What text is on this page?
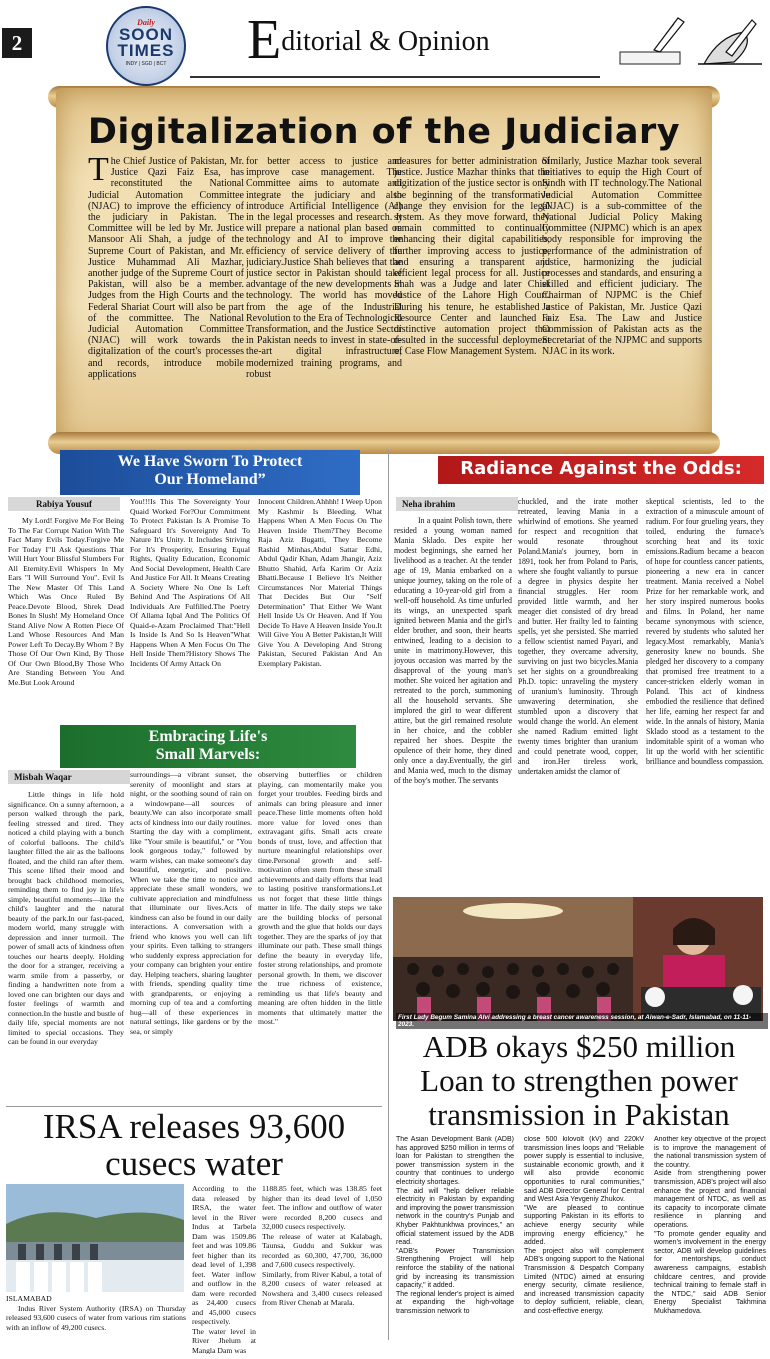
2
Daily
SOON
TIMES
INDY | SGD | BCT	Editorial & Opinion
Digitalization of the Judiciary
The Chief Justice of Pakistan, Mr. Justice Qazi Faiz Esa, has reconstituted the National Judicial Automation Committee (NJAC) to improve the efficiency of the judiciary in Pakistan. The Committee will be led by Mr. Justice Mansoor Ali Shah, a judge of the Supreme Court of Pakistan, and Mr. Justice Muhammad Ali Mazhar, another judge of the Supreme Court of Pakistan, will also be a member. Judges from the High Courts and the Federal Shariat Court will also be part of the committee. The National Judicial Automation Committee (NJAC) will work towards the digitalization of the court's processes and records, introduce mobile applications
for better access to justice and improve case management. The Committee aims to automate and integrate the judiciary and also introduce Artificial Intelligence (AI) in the legal processes and research. It will prepare a national plan based on technology and AI to improve the efficiency of service delivery of the judiciary.Justice Shah believes that the justice sector in Pakistan should take advantage of the new developments in technology. The world has moved from the age of the Industrial Revolution to the Era of Technological Transformation, and the Justice Sector in Pakistan needs to invest in state-of-the-art digital infrastructure, modernized training programs, and robust
measures for better administration of justice. Justice Mazhar thinks that the digitization of the justice sector is only the beginning of the transformative change they envision for the legal system. As they move forward, they remain committed to continually enhancing their digital capabilities, further improving access to justice, and ensuring a transparent and efficient legal process for all. Justice Shah was a Judge and later Chief Justice of the Lahore High Court. During his tenure, he established a Resource Center and launched a distinctive automation project that resulted in the successful deployment of Case Flow Management System.
Similarly, Justice Mazhar took several initiatives to equip the High Court of Sindh with IT technology.The National Judicial Automation Committee (NJAC) is a sub-committee of the National Judicial Policy Making Committee (NJPMC) which is an apex body responsible for improving the performance of the administration of justice, harmonizing the judicial processes and standards, and ensuring a skilled and efficient judiciary. The Chairman of NJPMC is the Chief Justice of Pakistan, Mr. Justice Qazi Faiz Esa. The Law and Justice Commission of Pakistan acts as the Secretariat of the NJPMC and supports NJAC in its work.
We Have Sworn To Protect
Our Homeland”
Rabiya Yousuf
My Lord! Forgive Me For Being To The Far Corrupt Nation With The Fact Many Evils Today.Forgive Me For Today I"ll Ask Questions That Will Hurt Your Blissful Slumbers For All Eternity.Evil Whispers In My Ears "I Will Surround You". Evil Is The New Master Of This Land Which Was Once Ruled By Peace.Devote Blood, Shrek Dead Bones In Slush! My Homeland Once Stand Alive Now A Rotten Piece Of Land Whose Resources And Man Power Left To Decay.By Whom ? By Those Of Our Own Kind, By Those Of Our Own Blood,By Those Who Are Standing Between You And Me.But Look Around
You!!!Is This The Sovereignty Your Quaid Worked For?Our Commitment To Protect Pakistan Is A Promise To Safeguard It's Sovereignty And To Nature It's Unity. It Includes Striving For It's Prosperity, Ensuring Equal Rights, Quality Education, Economic And Social Development, Health Care And Justice For All. It Means Creating A Society Where No One Is Left Behind And The Aspirations Of All Individuals Are Fulfilled.The Poetry Of Allama Iqbal And The Politics Of Quaid-e-Azam Proclaimed That:"Hell Is Inside Is And So Is Heaven"What Happens When A Men Focus On The Hell Inside Them?History Shows The Incidents Of Army Attack On
Innocent Children.Ahhhh! I Weep Upon My Kashmir Is Bleeding. What Happens When A Men Focus On The Heaven Inside Them?They Become Raja Aziz Bugatti, They Become Rashid Minhas,Abdul Sattar Edhi, Abdul Qadir Khan, Adam Jhangir, Aziz Bhutto Shahid, Arfa Karim Or Aziz Bhatti.Because I Believe It's Neither Circumstances Nor Material Things That Decides But Our "Self Determination" That Either We Want Hell Inside Us Or Heaven. And If You Decide To Have A Heaven Inside You.It Will Give You A Better Pakistan,It Will Give You A Developing And Strong Pakistan, Secured Pakistan And An Exemplary Pakistan.
Embracing Life's
Small Marvels:
Misbah Waqar
Little things in life hold significance. On a sunny afternoon, a person walked through the park, feeling stressed and tired. They noticed a child playing with a bunch of colorful balloons. The child's laughter filled the air as the balloons floated, and the child ran after them. This scene lifted their mood and brought back childhood memories, reminding them to find joy in life's simple, beautiful moments—like the child's laughter and the natural beauty of the park.In our fast-paced, modern world, many struggle with depression and inner turmoil. The power of small acts of kindness often touches our hearts deeply. Holding the door for a stranger, receiving a warm smile from a passerby, or finding a handwritten note from a loved one can brighten our days and foster feelings of warmth and connection.In the hustle and bustle of daily life, special moments are not limited to special occasions. They can be found in our everyday
surroundings—a vibrant sunset, the serenity of moonlight and stars at night, or the soothing sound of rain on a windowpane—all sources of beauty.We can also incorporate small acts of kindness into our daily routines. Starting the day with a compliment, like "Your smile is beautiful," or "You look gorgeous today," followed by warm wishes, can make someone's day beautiful, energetic, and positive. When we take the time to notice and appreciate these small wonders, we cultivate appreciation and mindfulness that illuminate our lives.Acts of kindness can also be found in our daily interactions. A conversation with a friend who knows you well can lift your spirits. Even talking to strangers who suddenly express appreciation for your company can brighten your entire day. Helping teachers, sharing laughter with friends, spending quality time with grandparents, or enjoying a morning cup of tea and a comforting hug—all of these experiences in natural settings, like gardens or by the sea, or simply
observing butterflies or children playing, can momentarily make you forget your troubles. Feeding birds and animals can bring pleasure and inner peace.These little moments often hold more value for loved ones than extravagant gifts. Small acts create bonds of trust, love, and affection that nurture meaningful relationships over time.Personal growth and self-motivation often stem from these small achievements and daily efforts that lead to lasting positive transformations.Let us not forget that these little things matter in life. The daily steps we take are the building blocks of personal growth and the glue that holds our days together. They are the sparks of joy that illuminate our path. These small things define the beauty in everyday life, foster strong relationships, and promote personal growth. In them, we discover the true richness of existence, reminding us that life's beauty and meaning are often hidden in the little moments that ultimately matter the most."
Radiance Against the Odds:
Neha ibrahim
In a quaint Polish town, there resided a young woman named Mania Sklado. Des expite her modest beginnings, she earned her livelihood as a teacher. At the tender age of 19, Mania embarked on a unique journey, taking on the role of educating a 10-year-old girl from a well-off household. As time unfurled its wings, an unexpected spark ignited between Mania and the girl's elder brother, and soon, their hearts entwined, leading to a decision to unite in matrimony.However, this joyous occasion was marred by the disapproval of the young man's mother. She voiced her agitation and retreated to the porch, summoning all the household servants. She implored the girl to wear different attire, but the girl remained resolute in her choice, and the cobbler repaired her shoes. Despite the opulence of their home, they dined only once a day.Eventually, the girl and Mania wed, much to the dismay of the boy's mother. The servants
chuckled, and the irate mother retreated, leaving Mania in a whirlwind of emotions. She yearned for respect and recognition that would resonate throughout Poland.Mania's journey, born in 1891, took her from Poland to Paris, where she fought valiantly to pursue a degree in physics despite her financial struggles. Her room provided little warmth, and her meager diet consisted of dry bread and butter. Her frailty led to fainting spells, yet she persisted. She married a fellow scientist named Payari, and together, they overcame adversity, surviving on just two bicycles.Mania set her sights on a groundbreaking Ph.D. topic: unraveling the mystery of uranium's luminosity. Through unwavering determination, she stumbled upon a discovery that would change the world. An element she named Radium emitted light twenty times brighter than uranium and could penetrate wood, copper, and iron.Her tireless work, undertaken amidst the clamor of
skeptical scientists, led to the extraction of a minuscule amount of radium. For four grueling years, they toiled, enduring the furnace's scorching heat and its toxic emissions.Radium became a beacon of hope for countless cancer patients, pioneering a new era in cancer treatment. Mania received a Nobel Prize for her remarkable work, and her story inspired numerous books and films. In Poland, her name became synonymous with science, revered by students who saluted her legacy.Most remarkably, Mania's generosity knew no bounds. She pledged her discovery to a company that promised free treatment to a cancer-stricken elderly woman in Poland. This act of kindness embodied the resilience that defined her life, earning her respect far and wide. In the annals of history, Mania Sklado stood as a testament to the indomitable spirit of a woman who lit up the world with her scientific brilliance and boundless compassion.
First Lady Begum Samina Alvi addressing a breast cancer awareness session, at Aiwan-e-Sadr, Islamabad, on 11-11-2023.
ADB okays $250 million
Loan to strengthen power
transmission in Pakistan
The Asian Development Bank (ADB) has approved $250 million in terms of loan for Pakistan to strengthen the power transmission system in the country that continues to undergo electricity shortages.
The aid will "help deliver reliable electricity in Pakistan by expanding and improving the power transmission network in the country's Punjab and Khyber Pakhtunkhwa provinces," an official statement issued by the ADB read.
"ADB's Power Transmission Strengthening Project will help reinforce the stability of the national grid by increasing its transmission capacity," it added.
The regional lender's project is aimed at expanding the high-voltage transmission network to
close 500 kilovolt (kV) and 220kV transmission lines loops and "Reliable power supply is essential to inclusive, sustainable economic growth, and it will also provide economic opportunities to rural communities," said ADB Director General for Central and West Asia Yevgeniy Zhukov.
"We are pleased to continue supporting Pakistan in its efforts to achieve energy security while improving energy efficiency," he added.
The project also will complement ADB's ongoing support to the National Transmission & Despatch Company Limited (NTDC) aimed at ensuring energy security, climate resilience, and increased transmission capacity to deploy sufficient, reliable, clean, and cost-effective energy.
Another key objective of the project is to improve the management of the national transmission system of the country.
Aside from strengthening power transmission, ADB's project will also enhance the project and financial management of NTDC, as well as its capacity to incorporate climate resilience in planning and operations.
"To promote gender equality and women's involvement in the energy sector, ADB will develop guidelines for mentorships, conduct awareness campaigns, establish childcare centres, and provide technical training to female staff in the NTDC," said ADB Senior Energy Specialist Takhmina Mukhamedova.
IRSA releases 93,600
cusecs water
ISLAMABAD
Indus River System Authority (IRSA) on Thursday released 93,600 cusecs of water from various rim stations with an inflow of 49,200 cusecs.
According to the data released by IRSA, the water level in the River Indus at Tarbela Dam was 1509.86 feet and was 109.86 feet higher than its dead level of 1,398 feet. Water inflow and outflow in the dam were recorded as 24,400 cusecs and 45,000 cusecs respectively.
The water level in River Jhelum at Mangla Dam was
1188.85 feet, which was 138.85 feet higher than its dead level of 1,050 feet. The inflow and outflow of water were recorded 8,200 cusecs and 32,000 cusecs respectively.
The release of water at Kalabagh, Taunsa, Guddu and Sukkur was recorded as 60,300, 47,700, 36,000 and 7,600 cusecs respectively.
Similarly, from River Kabul, a total of 8,200 cusecs of water released at Nowshera and 3,400 cusecs released from River Chenab at Marala.
